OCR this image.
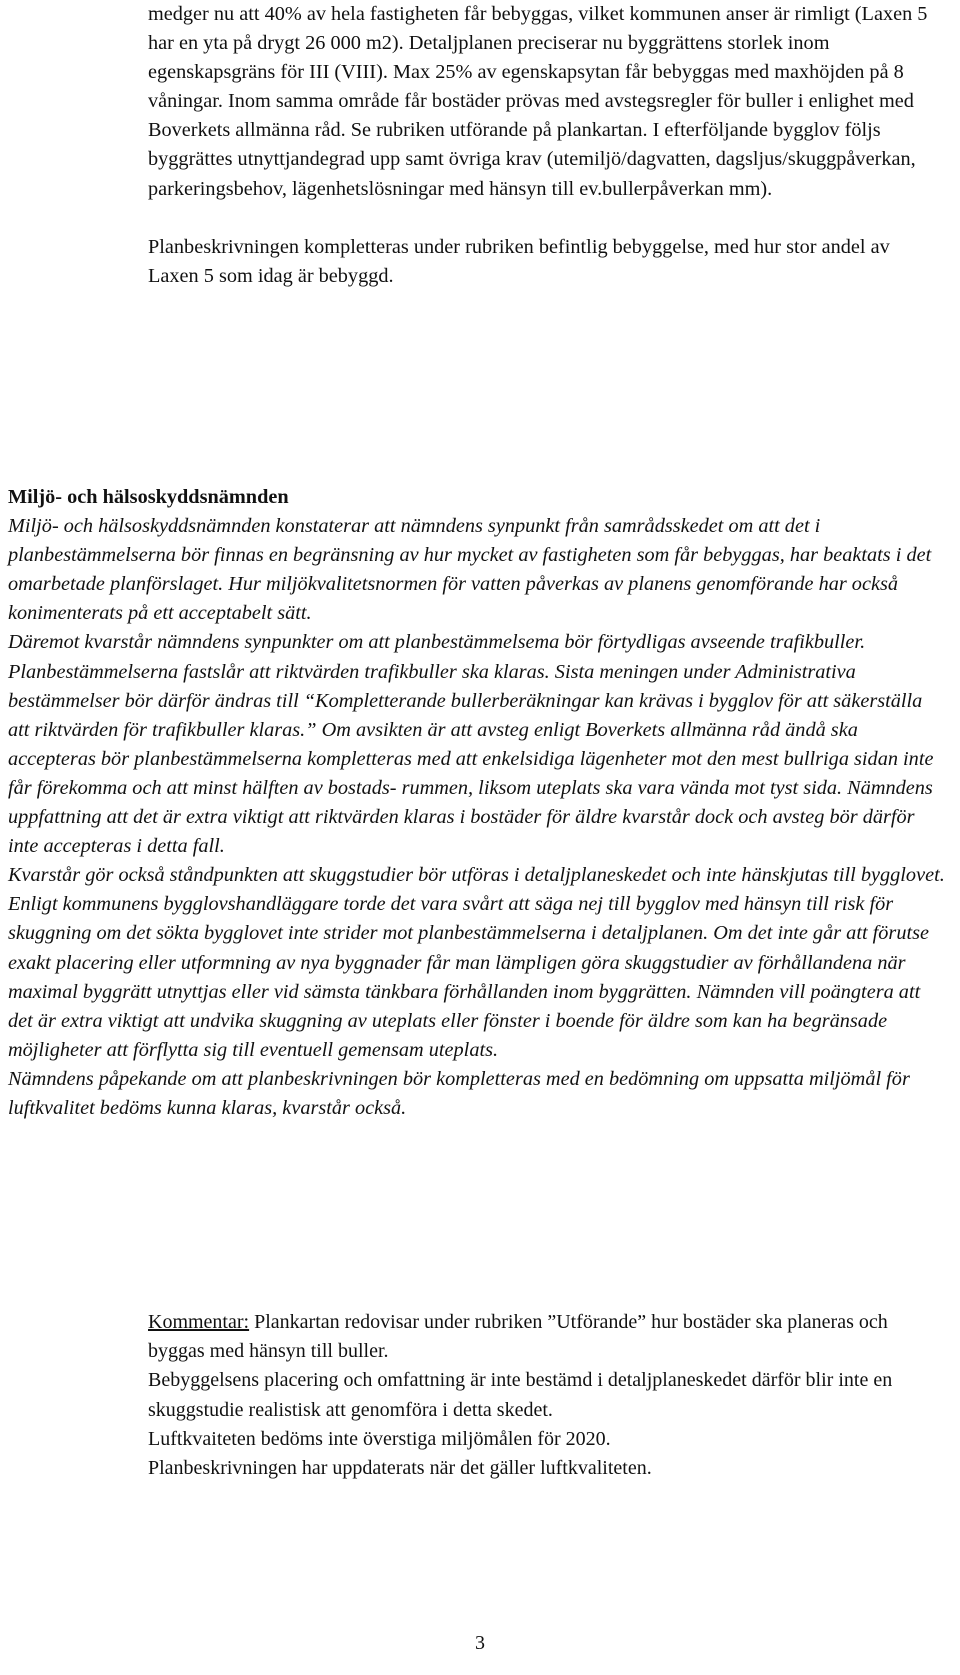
medger nu att 40% av hela fastigheten får bebyggas, vilket kommunen anser är rimligt (Laxen 5 har en yta på drygt 26 000 m2). Detaljplanen preciserar nu byggrättens storlek inom egenskapsgräns för III (VIII). Max 25% av egenskapsytan får bebyggas med maxhöjden på 8 våningar. Inom samma område får bostäder prövas med avstegsregler för buller i enlighet med Boverkets allmänna råd. Se rubriken utförande på plankartan. I efterföljande bygglov följs byggrättes utnyttjandegrad upp samt övriga krav (utemiljö/dagvatten, dagsljus/skuggpåverkan, parkeringsbehov, lägenhetslösningar med hänsyn till ev.bullerpåverkan mm).

Planbeskrivningen kompletteras under rubriken befintlig bebyggelse, med hur stor andel av Laxen 5 som idag är bebyggd.

Miljö- och hälsoskyddsnämnden

Miljö- och hälsoskyddsnämnden konstaterar att nämndens synpunkt från samrådsskedet om att det i planbestämmelserna bör finnas en begränsning av hur mycket av fastigheten som får bebyggas, har beaktats i det omarbetade planförslaget. Hur miljökvalitetsnormen för vatten påverkas av planens genomförande har också konimenterats på ett acceptabelt sätt.

Däremot kvarstår nämndens synpunkter om att planbestämmelsema bör förtydligas avseende trafikbuller. Planbestämmelserna fastslår att riktvärden trafikbuller ska klaras. Sista meningen under Administrativa bestämmelser bör därför ändras till “Kompletterande bullerberäkningar kan krävas i bygglov för att säkerställa att riktvärden för trafikbuller klaras.” Om avsikten är att avsteg enligt Boverkets allmänna råd ändå ska accepteras bör planbestämmelserna kompletteras med att enkelsidiga lägenheter mot den mest bullriga sidan inte får förekomma och att minst hälften av bostads- rummen, liksom uteplats ska vara vända mot tyst sida. Nämndens uppfattning att det är extra viktigt att riktvärden klaras i bostäder för äldre kvarstår dock och avsteg bör därför inte accepteras i detta fall.

Kvarstår gör också ståndpunkten att skuggstudier bör utföras i detaljplaneskedet och inte hänskjutas till bygglovet. Enligt kommunens bygglovshandläggare torde det vara svårt att säga nej till bygglov med hänsyn till risk för skuggning om det sökta bygglovet inte strider mot planbestämmelserna i detaljplanen. Om det inte går att förutse exakt placering eller utformning av nya byggnader får man lämpligen göra skuggstudier av förhållandena när maximal byggrätt utnyttjas eller vid sämsta tänkbara förhållanden inom byggrätten. Nämnden vill poängtera att det är extra viktigt att undvika skuggning av uteplats eller fönster i boende för äldre som kan ha begränsade möjligheter att förflytta sig till eventuell gemensam uteplats.

Nämndens påpekande om att planbeskrivningen bör kompletteras med en bedömning om uppsatta miljömål för luftkvalitet bedöms kunna klaras, kvarstår också.

Kommentar: Plankartan redovisar under rubriken ”Utförande” hur bostäder ska planeras och byggas med hänsyn till buller.

Bebyggelsens placering och omfattning är inte bestämd i detaljplaneskedet därför blir inte en skuggstudie realistisk att genomföra i detta skedet.

Luftkvaiteten bedöms inte överstiga miljömålen för 2020.

Planbeskrivningen har uppdaterats när det gäller luftkvaliteten.

3
